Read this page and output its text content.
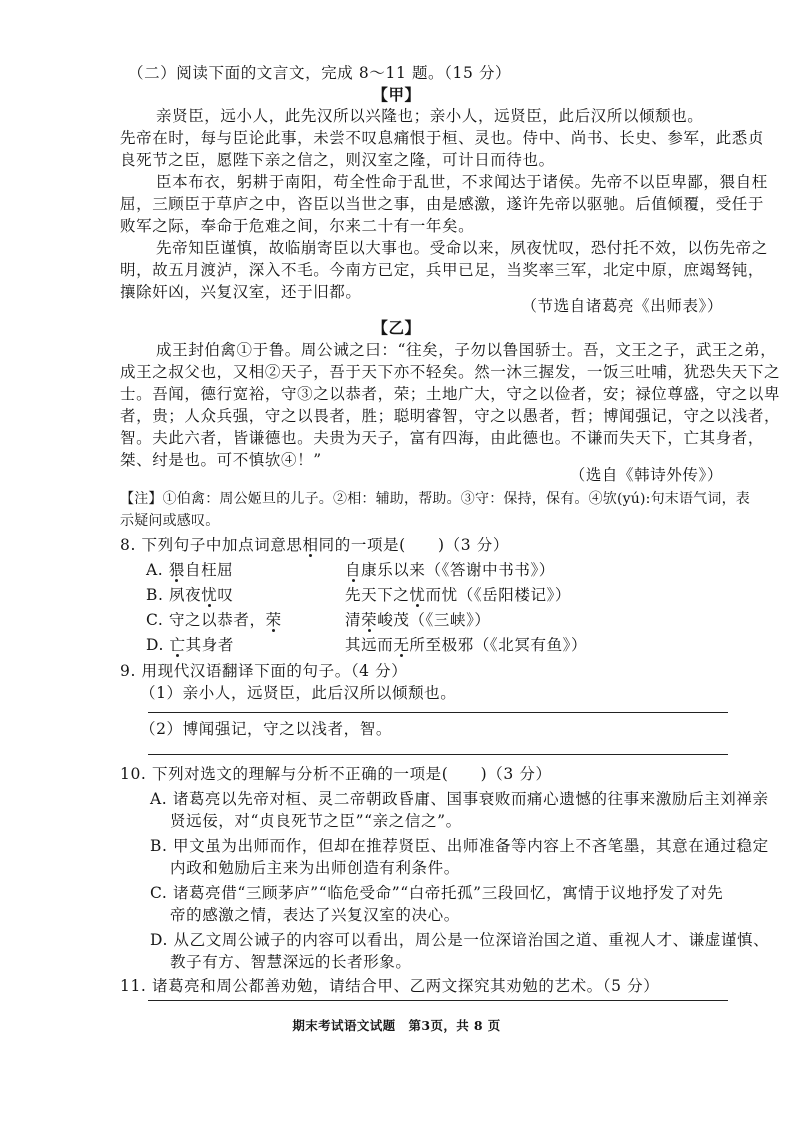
（二）阅读下面的文言文，完成 8～11 题。（15 分）
【甲】
亲贤臣，远小人，此先汉所以兴隆也；亲小人，远贤臣，此后汉所以倾颓也。
先帝在时，每与臣论此事，未尝不叹息痛恨于桓、灵也。侍中、尚书、长史、参军，此悉贞
良死节之臣，愿陛下亲之信之，则汉室之隆，可计日而待也。
臣本布衣，躬耕于南阳，苟全性命于乱世，不求闻达于诸侯。先帝不以臣卑鄙，猥自枉
屈，三顾臣于草庐之中，咨臣以当世之事，由是感激，遂许先帝以驱驰。后值倾覆，受任于
败军之际，奉命于危难之间，尔来二十有一年矣。
先帝知臣谨慎，故临崩寄臣以大事也。受命以来，夙夜忧叹，恐付托不效，以伤先帝之
明，故五月渡泸，深入不毛。今南方已定，兵甲已足，当奖率三军，北定中原，庶竭驽钝，
攘除奸凶，兴复汉室，还于旧都。
（节选自诸葛亮《出师表》）
【乙】
成王封伯禽①于鲁。周公诫之曰：“往矣，子勿以鲁国骄士。吾，文王之子，武王之弟，
成王之叔父也，又相②天子，吾于天下亦不轻矣。然一沐三握发，一饭三吐哺，犹恐失天下之
士。吾闻，德行宽裕，守③之以恭者，荣；土地广大，守之以俭者，安；禄位尊盛，守之以卑
者，贵；人众兵强，守之以畏者，胜；聪明睿智，守之以愚者，哲；博闻强记，守之以浅者，
智。夫此六者，皆谦德也。夫贵为天子，富有四海，由此德也。不谦而失天下，亡其身者，
桀、纣是也。可不慎欤④！”
（选自《韩诗外传》）
【注】①伯禽：周公姬旦的儿子。②相：辅助，帮助。③守：保持，保有。④欤(yú):句末语气词，表
示疑问或感叹。
8. 下列句子中加点词意思相同的一项是(　　)（3 分）
A. 猥自枉屈	自康乐以来（《答谢中书书》）
B. 夙夜忧叹	先天下之忧而忧（《岳阳楼记》）
C. 守之以恭者，荣	清荣峻茂（《三峡》）
D. 亡其身者	其远而无所至极邪（《北冥有鱼》）
9. 用现代汉语翻译下面的句子。（4 分）
（1）亲小人，远贤臣，此后汉所以倾颓也。
（2）博闻强记，守之以浅者，智。
10. 下列对选文的理解与分析不正确的一项是(　　)（3 分）
A. 诸葛亮以先帝对桓、灵二帝朝政昏庸、国事衰败而痛心遗憾的往事来激励后主刘禅亲
贤远佞，对“贞良死节之臣”“亲之信之”。
B. 甲文虽为出师而作，但却在推荐贤臣、出师准备等内容上不吝笔墨，其意在通过稳定
内政和勉励后主来为出师创造有利条件。
C. 诸葛亮借“三顾茅庐”“临危受命”“白帝托孤”三段回忆，寓情于议地抒发了对先
帝的感激之情，表达了兴复汉室的决心。
D. 从乙文周公诫子的内容可以看出，周公是一位深谙治国之道、重视人才、谦虚谨慎、
教子有方、智慧深远的长者形象。
11. 诸葛亮和周公都善劝勉，请结合甲、乙两文探究其劝勉的艺术。（5 分）
期末考试语文试题　第3页，共 8 页
